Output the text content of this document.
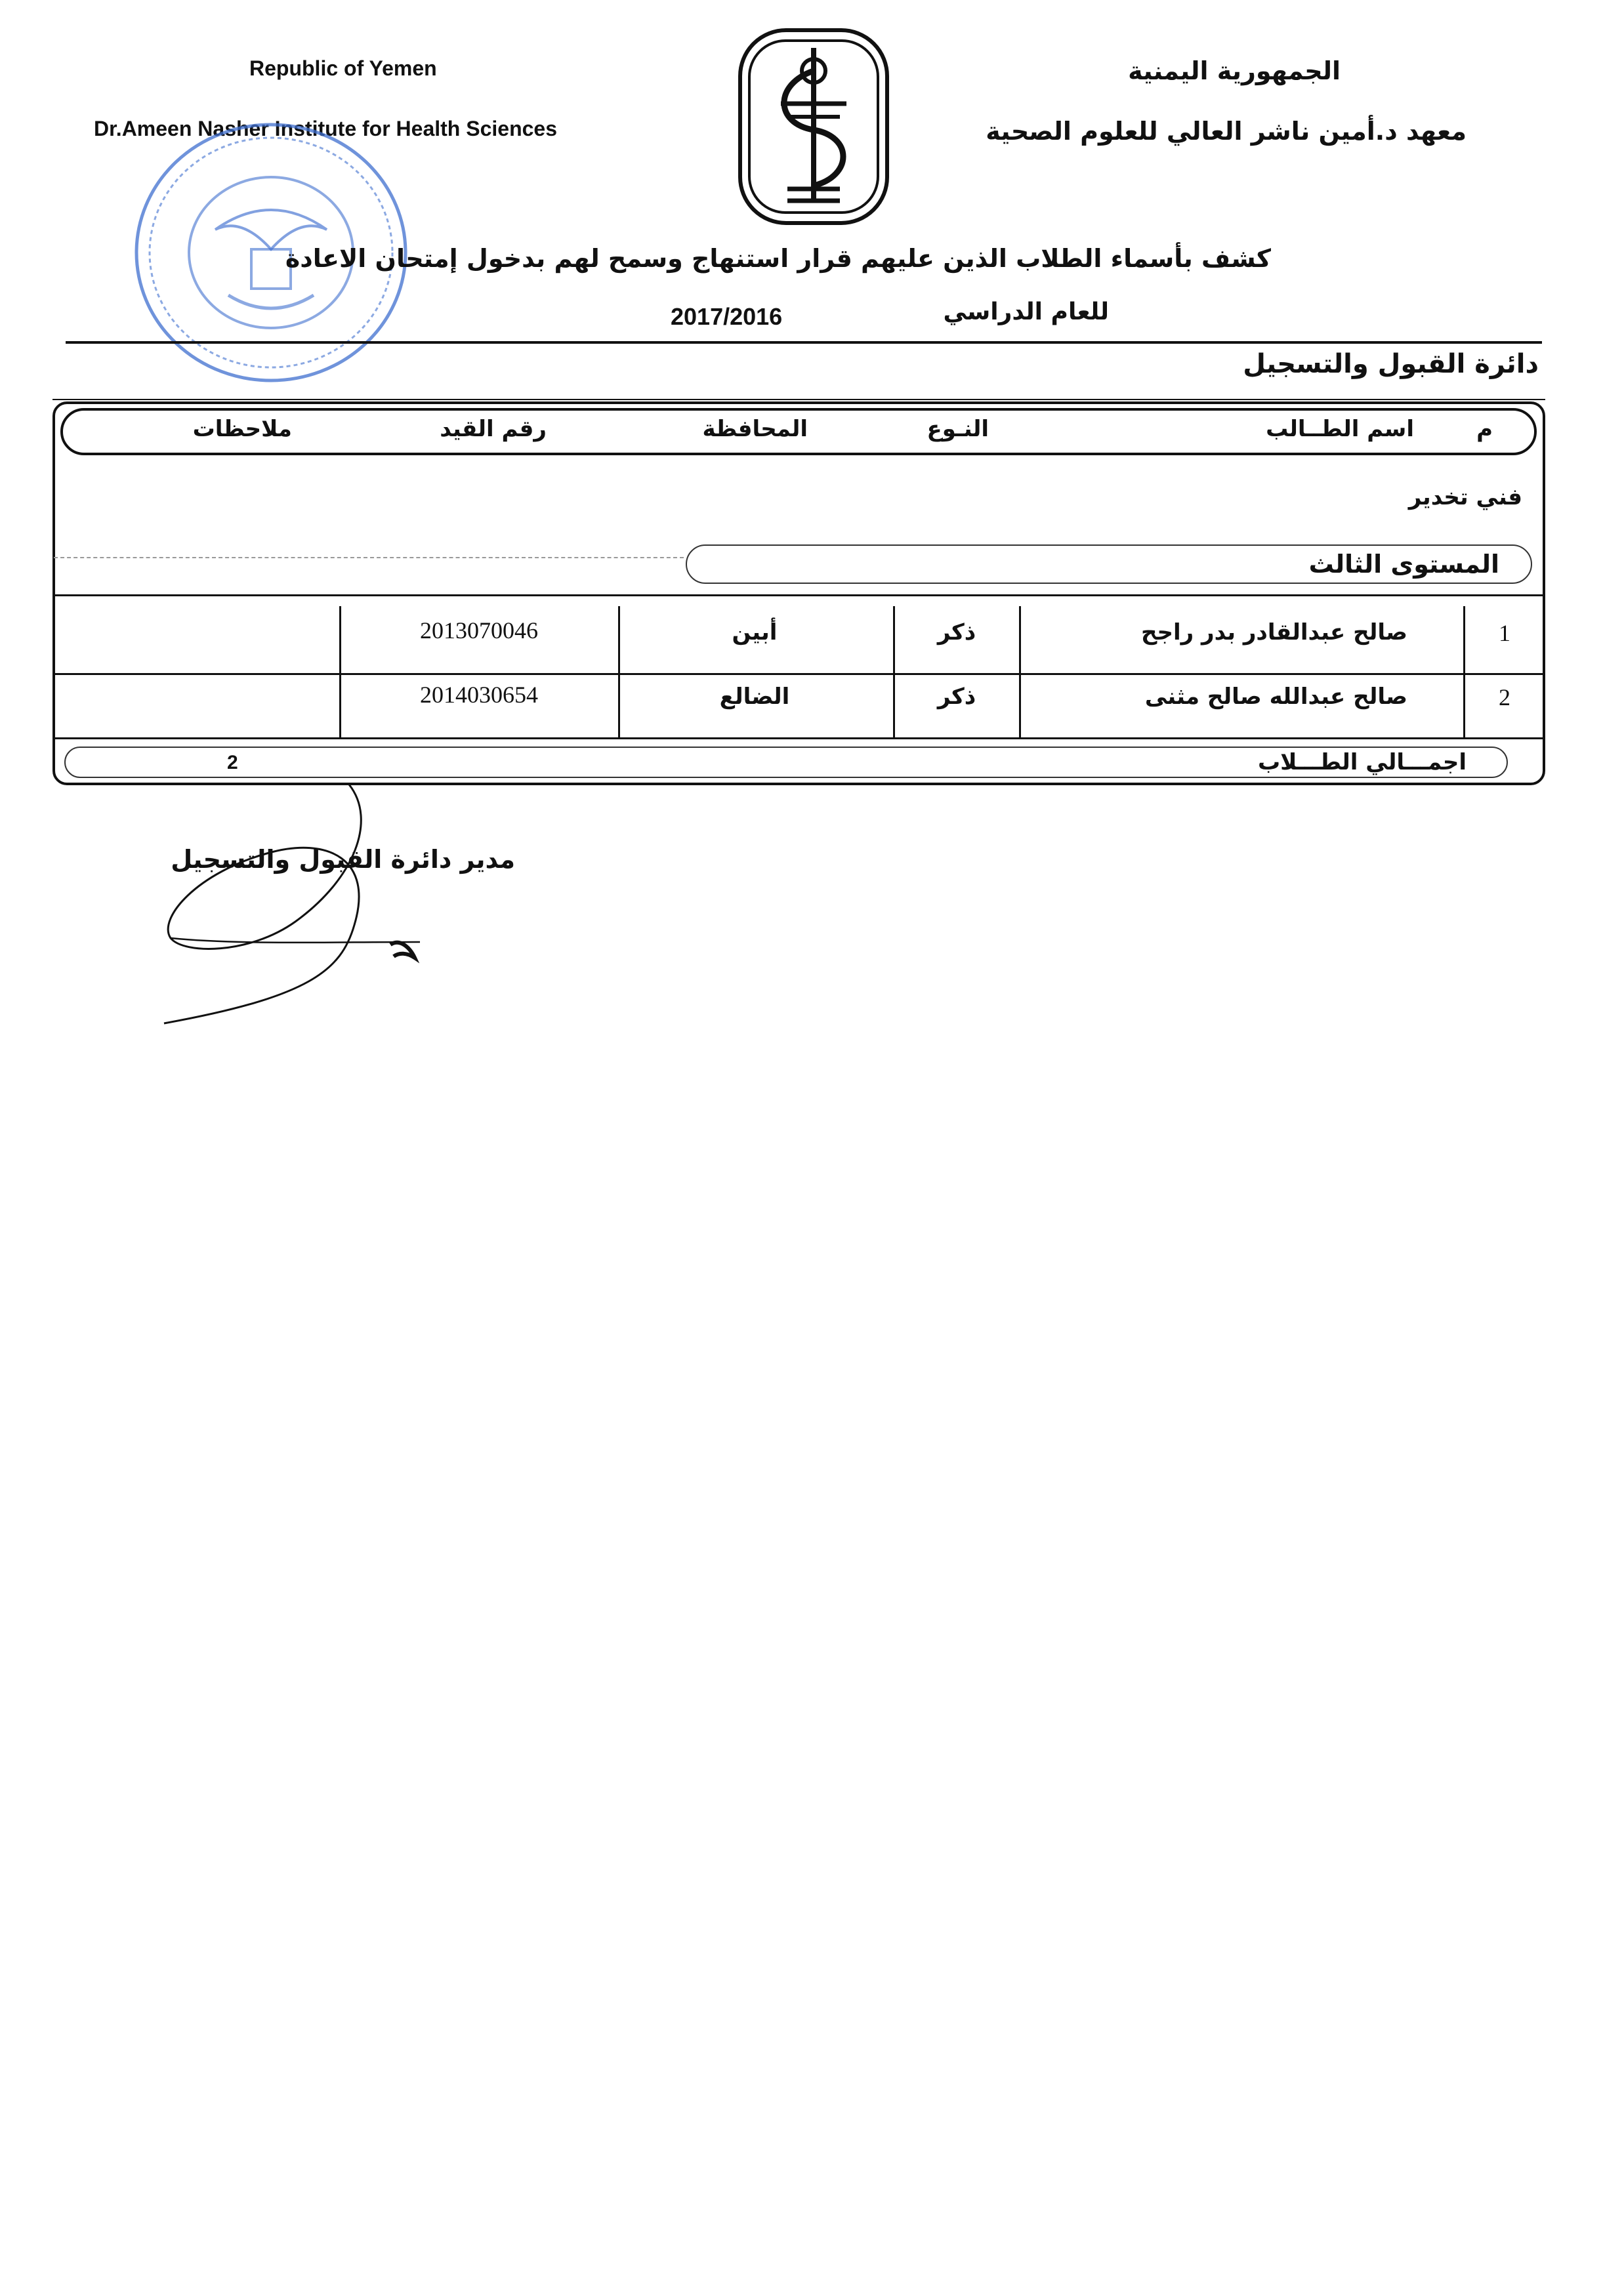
Republic of Yemen
Dr.Ameen Nasher Institute for Health Sciences
الجمهورية اليمنية
معهد د.أمين ناشر العالي للعلوم الصحية
كشف بأسماء الطلاب الذين عليهم قرار استنهاج وسمح لهم بدخول إمتحان الاعادة
للعام الدراسي
2017/2016
دائرة القبول والتسجيل
م
اسم الطــالب
النـوع
المحافظة
رقم القيد
ملاحظات
فني تخدير
المستوى الثالث
1
صالح عبدالقادر بدر راجح
ذكر
أبين
2013070046
2
صالح عبدالله صالح مثنى
ذكر
الضالع
2014030654
اجمـــالي الطـــلاب
2
مدير دائرة القبول والتسجيل
